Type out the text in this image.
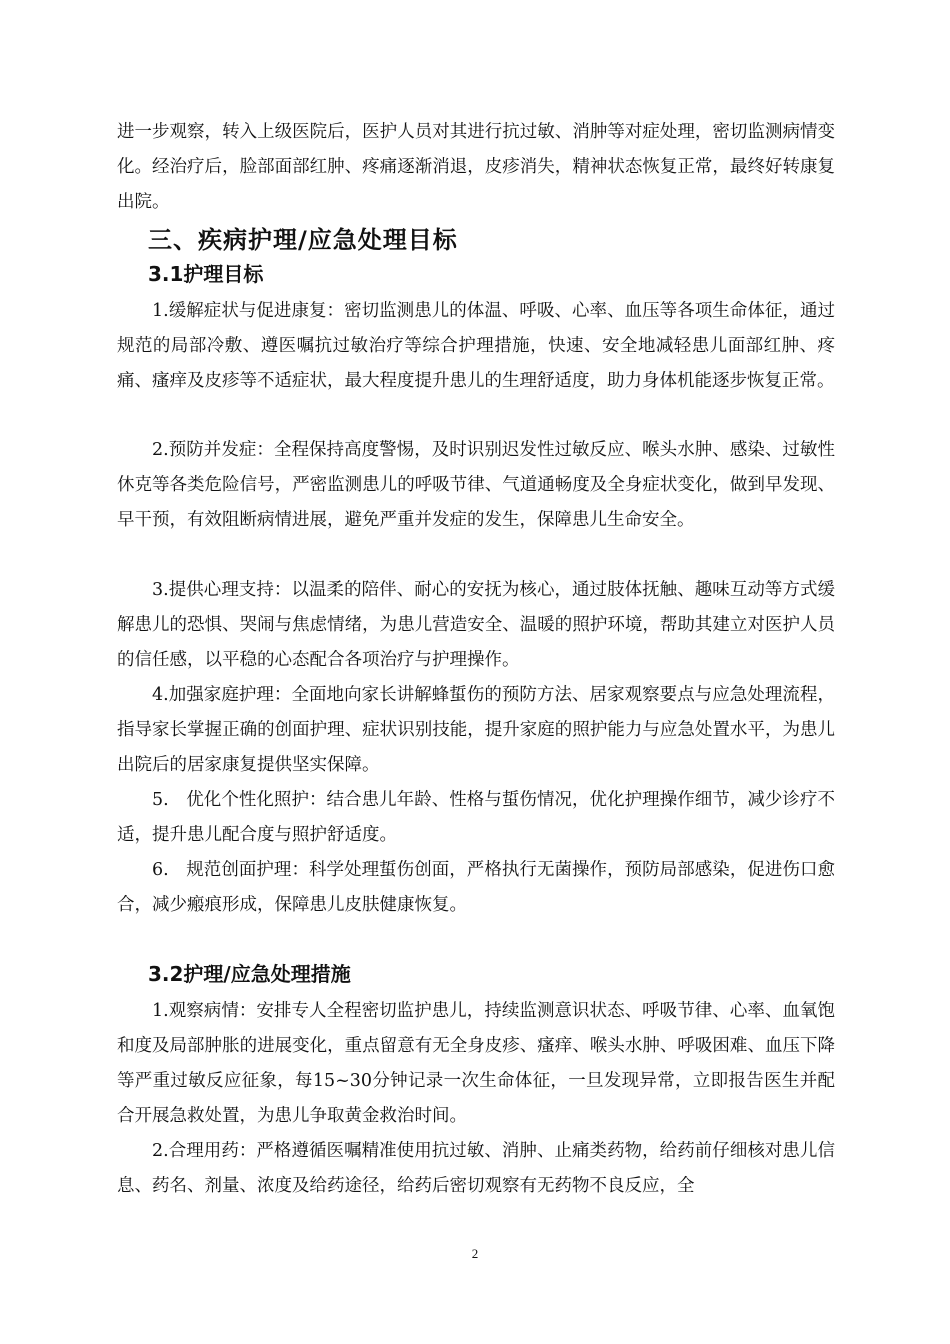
进一步观察，转入上级医院后，医护人员对其进行抗过敏、消肿等对症处理，密切监测病情变化。经治疗后，脸部面部红肿、疼痛逐渐消退，皮疹消失，精神状态恢复正常，最终好转康复出院。

三、疾病护理/应急处理目标
3.1护理目标

1.缓解症状与促进康复：密切监测患儿的体温、呼吸、心率、血压等各项生命体征，通过规范的局部冷敷、遵医嘱抗过敏治疗等综合护理措施，快速、安全地减轻患儿面部红肿、疼痛、瘙痒及皮疹等不适症状，最大程度提升患儿的生理舒适度，助力身体机能逐步恢复正常。

2.预防并发症：全程保持高度警惕，及时识别迟发性过敏反应、喉头水肿、感染、过敏性休克等各类危险信号，严密监测患儿的呼吸节律、气道通畅度及全身症状变化，做到早发现、早干预，有效阻断病情进展，避免严重并发症的发生，保障患儿生命安全。

3.提供心理支持：以温柔的陪伴、耐心的安抚为核心，通过肢体抚触、趣味互动等方式缓解患儿的恐惧、哭闹与焦虑情绪，为患儿营造安全、温暖的照护环境，帮助其建立对医护人员的信任感，以平稳的心态配合各项治疗与护理操作。

4.加强家庭护理：全面地向家长讲解蜂蜇伤的预防方法、居家观察要点与应急处理流程，指导家长掌握正确的创面护理、症状识别技能，提升家庭的照护能力与应急处置水平，为患儿出院后的居家康复提供坚实保障。

5.　优化个性化照护：结合患儿年龄、性格与蜇伤情况，优化护理操作细节，减少诊疗不适，提升患儿配合度与照护舒适度。

6.　规范创面护理：科学处理蜇伤创面，严格执行无菌操作，预防局部感染，促进伤口愈合，减少瘢痕形成，保障患儿皮肤健康恢复。

3.2护理/应急处理措施

1.观察病情：安排专人全程密切监护患儿，持续监测意识状态、呼吸节律、心率、血氧饱和度及局部肿胀的进展变化，重点留意有无全身皮疹、瘙痒、喉头水肿、呼吸困难、血压下降等严重过敏反应征象，每15~30分钟记录一次生命体征，一旦发现异常，立即报告医生并配合开展急救处置，为患儿争取黄金救治时间。

2.合理用药：严格遵循医嘱精准使用抗过敏、消肿、止痛类药物，给药前仔细核对患儿信息、药名、剂量、浓度及给药途径，给药后密切观察有无药物不良反应，全

2
